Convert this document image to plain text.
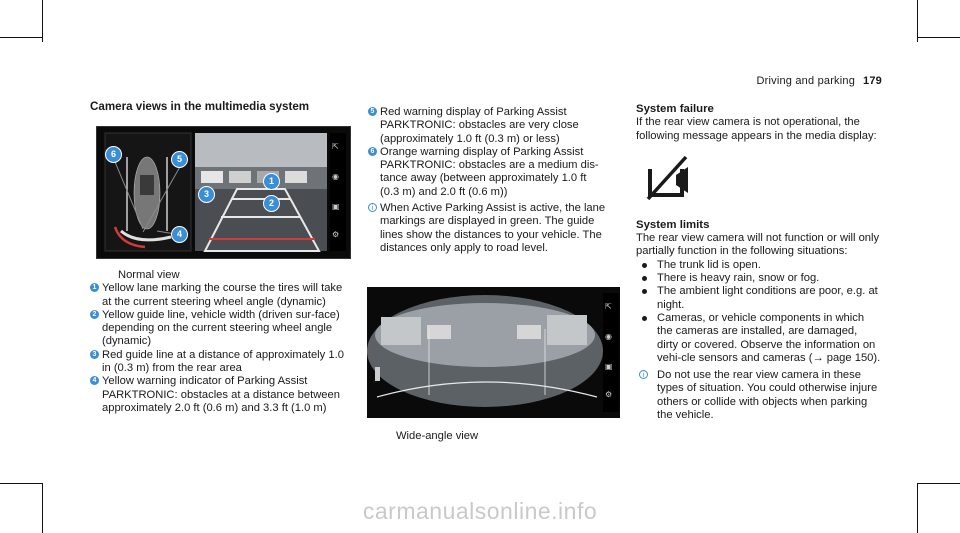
Driving and parking 179
Camera views in the multimedia system
⇱
◉
▣
⚙
6	5
1
3
2
4

Normal view

1 Yellow lane marking the course the tires will take at the current steering wheel angle (dynamic)
2 Yellow guide line, vehicle width (driven sur-face) depending on the current steering wheel angle (dynamic)
3 Red guide line at a distance of approximately 1.0 in (0.3 m) from the rear area
4 Yellow warning indicator of Parking Assist PARKTRONIC: obstacles at a distance between approximately 2.0 ft (0.6 m) and 3.3 ft (1.0 m)
5 Red warning display of Parking Assist PARKTRONIC: obstacles are very close (approximately 1.0 ft (0.3 m) or less)
6 Orange warning display of Parking Assist PARKTRONIC: obstacles are a medium dis-tance away (between approximately 1.0 ft (0.3 m) and 2.0 ft (0.6 m))
i When Active Parking Assist is active, the lane markings are displayed in green. The guide lines show the distances to your vehicle. The distances only apply to road level.
⇱
◉
▣
⚙

Wide-angle view

System failure

If the rear view camera is not operational, the following message appears in the media display:

System limits

The rear view camera will not function or will only partially function in the following situations:

The trunk lid is open.
There is heavy rain, snow or fog.
The ambient light conditions are poor, e.g. at night.
Cameras, or vehicle components in which the cameras are installed, are damaged, dirty or covered. Observe the information on vehi-cle sensors and cameras (→ page 150).
i	Do not use the rear view camera in these types of situation. You could otherwise injure others or collide with objects when parking the vehicle.
carmanualsonline.info
